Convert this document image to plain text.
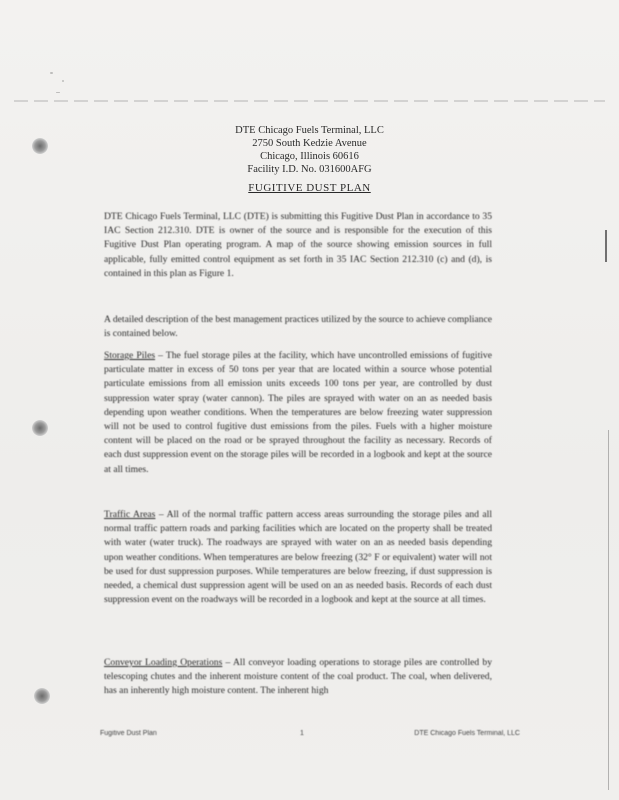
DTE Chicago Fuels Terminal, LLC
2750 South Kedzie Avenue
Chicago, Illinois 60616
Facility I.D. No. 031600AFG
FUGITIVE DUST PLAN

DTE Chicago Fuels Terminal, LLC (DTE) is submitting this Fugitive Dust Plan in accordance to 35 IAC Section 212.310. DTE is owner of the source and is responsible for the execution of this Fugitive Dust Plan operating program. A map of the source showing emission sources in full applicable, fully emitted control equipment as set forth in 35 IAC Section 212.310 (c) and (d), is contained in this plan as Figure 1.

A detailed description of the best management practices utilized by the source to achieve compliance is contained below.

Storage Piles – The fuel storage piles at the facility, which have uncontrolled emissions of fugitive particulate matter in excess of 50 tons per year that are located within a source whose potential particulate emissions from all emission units exceeds 100 tons per year, are controlled by dust suppression water spray (water cannon). The piles are sprayed with water on an as needed basis depending upon weather conditions. When the temperatures are below freezing water suppression will not be used to control fugitive dust emissions from the piles. Fuels with a higher moisture content will be placed on the road or be sprayed throughout the facility as necessary. Records of each dust suppression event on the storage piles will be recorded in a logbook and kept at the source at all times.

Traffic Areas – All of the normal traffic pattern access areas surrounding the storage piles and all normal traffic pattern roads and parking facilities which are located on the property shall be treated with water (water truck). The roadways are sprayed with water on an as needed basis depending upon weather conditions. When temperatures are below freezing (32° F or equivalent) water will not be used for dust suppression purposes. While temperatures are below freezing, if dust suppression is needed, a chemical dust suppression agent will be used on an as needed basis. Records of each dust suppression event on the roadways will be recorded in a logbook and kept at the source at all times.

Conveyor Loading Operations – All conveyor loading operations to storage piles are controlled by telescoping chutes and the inherent moisture content of the coal product. The coal, when delivered, has an inherently high moisture content. The inherent high

Fugitive Dust Plan	1	DTE Chicago Fuels Terminal, LLC
